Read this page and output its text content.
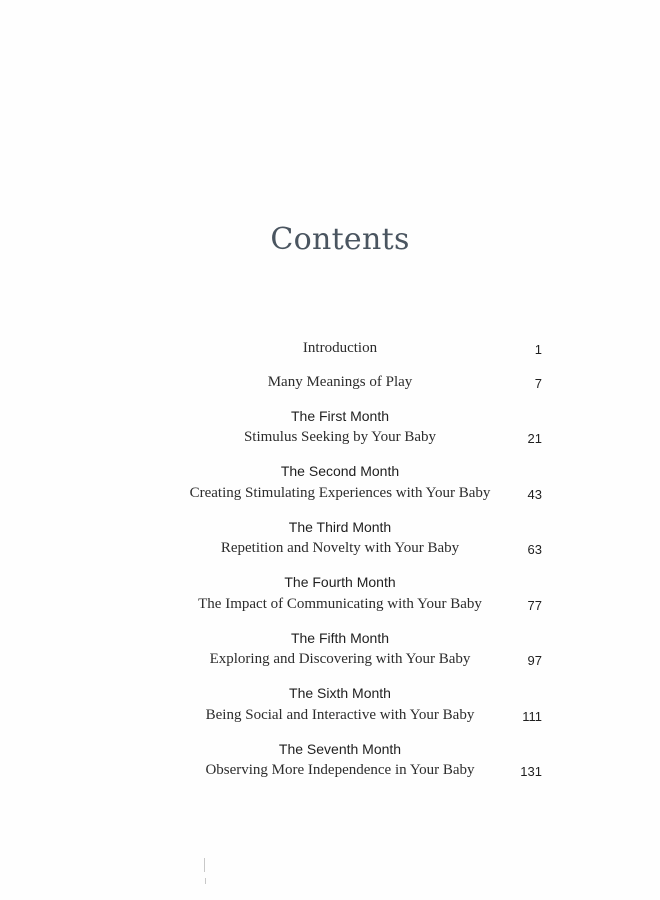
Contents
Introduction	1
Many Meanings of Play	7
The First Month
Stimulus Seeking by Your Baby	21
The Second Month
Creating Stimulating Experiences with Your Baby	43
The Third Month
Repetition and Novelty with Your Baby	63
The Fourth Month
The Impact of Communicating with Your Baby	77
The Fifth Month
Exploring and Discovering with Your Baby	97
The Sixth Month
Being Social and Interactive with Your Baby	111
The Seventh Month
Observing More Independence in Your Baby	131
